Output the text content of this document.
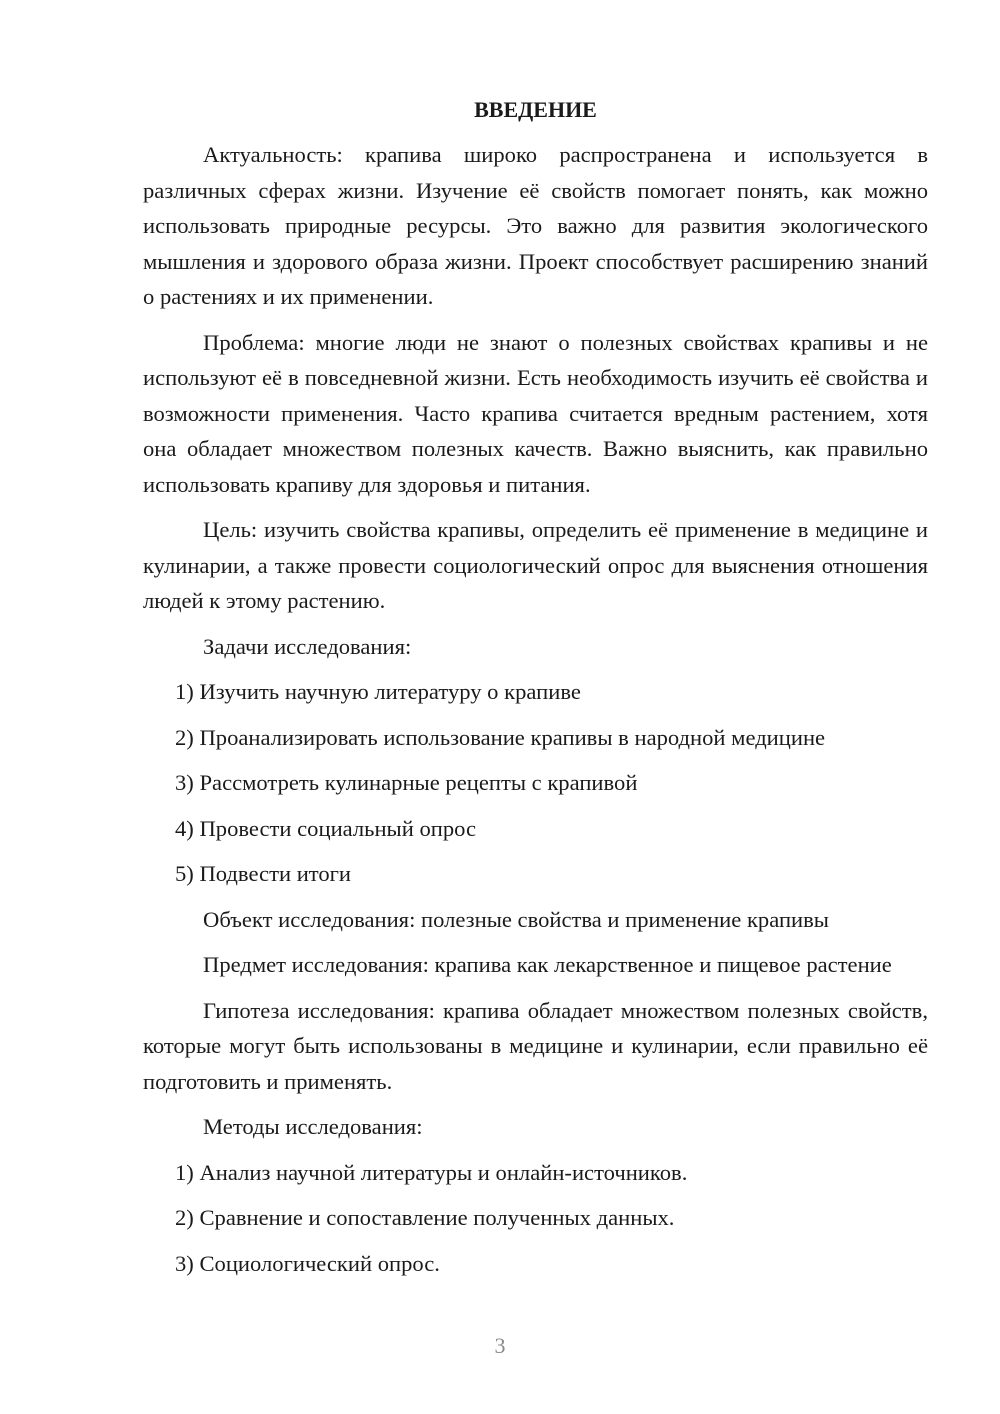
ВВЕДЕНИЕ

Актуальность: крапива широко распространена и используется в различных сферах жизни. Изучение её свойств помогает понять, как можно использовать природные ресурсы. Это важно для развития экологического мышления и здорового образа жизни. Проект способствует расширению знаний о растениях и их применении.

Проблема: многие люди не знают о полезных свойствах крапивы и не используют её в повседневной жизни. Есть необходимость изучить её свойства и возможности применения. Часто крапива считается вредным растением, хотя она обладает множеством полезных качеств. Важно выяснить, как правильно использовать крапиву для здоровья и питания.

Цель: изучить свойства крапивы, определить её применение в медицине и кулинарии, а также провести социологический опрос для выяснения отношения людей к этому растению.

Задачи исследования:
1) Изучить научную литературу о крапиве
2) Проанализировать использование крапивы в народной медицине
3) Рассмотреть кулинарные рецепты с крапивой
4) Провести социальный опрос
5) Подвести итоги
Объект исследования: полезные свойства и применение крапивы

Предмет исследования: крапива как лекарственное и пищевое растение

Гипотеза исследования: крапива обладает множеством полезных свойств, которые могут быть использованы в медицине и кулинарии, если правильно её подготовить и применять.

Методы исследования:
1) Анализ научной литературы и онлайн-источников.
2) Сравнение и сопоставление полученных данных.
3) Социологический опрос.
3
